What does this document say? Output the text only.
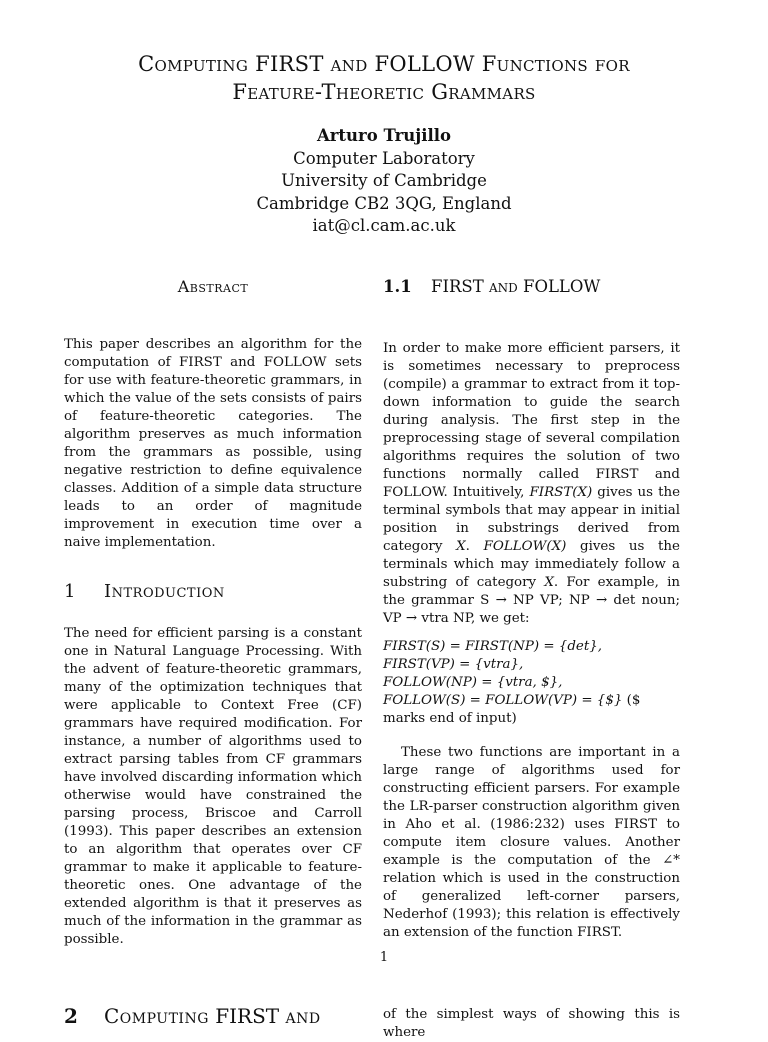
Computing FIRST and FOLLOW Functions for
Feature-Theoretic Grammars
Arturo Trujillo
Computer Laboratory
University of Cambridge
Cambridge CB2 3QG, England
iat@cl.cam.ac.uk
Abstract

This paper describes an algorithm for the computation of FIRST and FOLLOW sets for use with feature-theoretic grammars, in which the value of the sets consists of pairs of feature-theoretic categories. The algorithm preserves as much information from the grammars as possible, using negative restriction to define equivalence classes. Addition of a simple data structure leads to an order of magnitude improvement in execution time over a naive implementation.

1 Introduction

The need for efficient parsing is a constant one in Natural Language Processing. With the advent of feature-theoretic grammars, many of the optimization techniques that were applicable to Context Free (CF) grammars have required modification. For instance, a number of algorithms used to extract parsing tables from CF grammars have involved discarding information which otherwise would have constrained the parsing process, Briscoe and Carroll (1993). This paper describes an extension to an algorithm that operates over CF grammar to make it applicable to feature-theoretic ones. One advantage of the extended algorithm is that it preserves as much of the information in the grammar as possible.

1.1 FIRST and FOLLOW

In order to make more efficient parsers, it is sometimes necessary to preprocess (compile) a grammar to extract from it top-down information to guide the search during analysis. The first step in the preprocessing stage of several compilation algorithms requires the solution of two functions normally called FIRST and FOLLOW. Intuitively, FIRST(X) gives us the terminal symbols that may appear in initial position in substrings derived from category X. FOLLOW(X) gives us the terminals which may immediately follow a substring of category X. For example, in the grammar S → NP VP; NP → det noun; VP → vtra NP, we get:

FIRST(S) = FIRST(NP) = {det},
FIRST(VP) = {vtra},
FOLLOW(NP) = {vtra, $},
FOLLOW(S) = FOLLOW(VP) = {$} ($ marks end of input)

These two functions are important in a large range of algorithms used for constructing efficient parsers. For example the LR-parser construction algorithm given in Aho et al. (1986:232) uses FIRST to compute item closure values. Another example is the computation of the ∠* relation which is used in the construction of generalized left-corner parsers, Nederhof (1993); this relation is effectively an extension of the function FIRST.

1
2 Computing FIRST and	of the simplest ways of showing this is where
